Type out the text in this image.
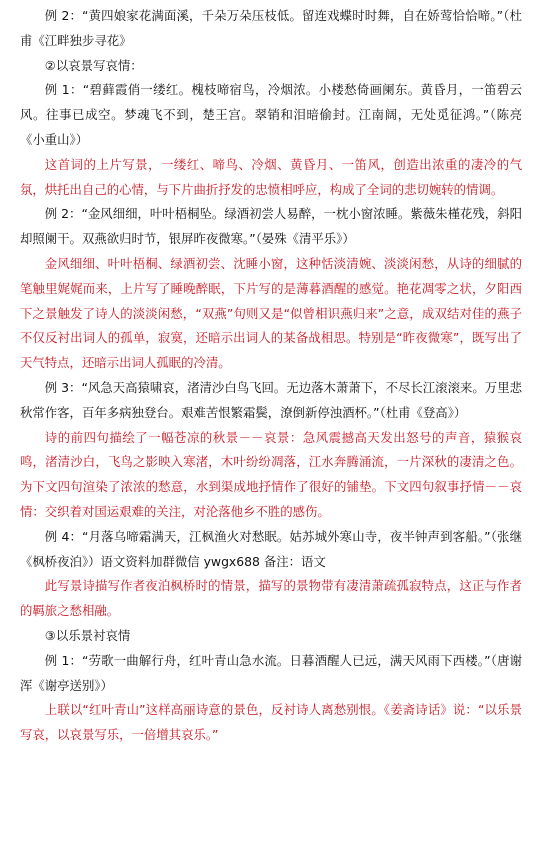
例 2：“黄四娘家花满面溪，千朵万朵压枝低。留连戏蝶时时舞，自在娇莺恰恰啼。”（杜甫《江畔独步寻花》

②以哀景写哀情：

例 1：“碧藓霞俏一缕红。槐枝啼宿鸟，冷烟浓。小楼愁倚画阑东。黄昏月，一笛碧云风。往事已成空。梦魂飞不到，楚王宫。翠销和泪暗偷封。江南阔，无处觅征鸿。”（陈亮《小重山》）

这首词的上片写景，一缕红、啼鸟、冷烟、黄昏月、一笛风，创造出浓重的凄冷的气氛，烘托出自己的心情，与下片曲折抒发的忠愤相呼应，构成了全词的悲切婉转的情调。

例 2：“金风细细，叶叶梧桐坠。绿酒初尝人易醉，一枕小窗浓睡。紫薇朱槿花残，斜阳却照阑干。双燕欲归时节，银屏昨夜微寒。”（晏殊《清平乐》）

金风细细、叶叶梧桐、绿酒初尝、沈睡小窗，这种恬淡清婉、淡淡闲愁，从诗的细腻的笔触里娓娓而来，上片写了睡晚醉眠，下片写的是薄暮酒醒的感觉。艳花凋零之状，夕阳西下之景触发了诗人的淡淡闲愁，“双燕”句则又是“似曾相识燕归来”之意，成双结对佳的燕子不仅反衬出词人的孤单，寂寞，还暗示出词人的某备战相思。特别是“昨夜微寒”，既写出了天气特点，还暗示出词人孤眠的冷清。

例 3：“风急天高猿啸哀，渚清沙白鸟飞回。无边落木萧萧下，不尽长江滚滚来。万里悲秋常作客，百年多病独登台。艰难苦恨繁霜鬓，潦倒新停浊酒杯。”（杜甫《登高》）

诗的前四句描绘了一幅苍凉的秋景－－哀景：急风震撼高天发出怒号的声音，猿猴哀鸣，渚清沙白，飞鸟之影映入寒渚，木叶纷纷凋落，江水奔腾涌流，一片深秋的凄清之色。为下文四句渲染了浓浓的愁意，水到渠成地抒情作了很好的铺垫。下文四句叙事抒情－－哀情：交织着对国运艰难的关注，对沦落他乡不胜的感伤。

例 4：“月落乌啼霜满天，江枫渔火对愁眠。姑苏城外寒山寺，夜半钟声到客船。”（张继《枫桥夜泊》）语文资料加群微信 ywgx688 备注：语文

此写景诗描写作者夜泊枫桥时的情景，描写的景物带有凄清萧疏孤寂特点，这正与作者的羁旅之愁相融。

③以乐景衬哀情

例 1：“劳歌一曲解行舟，红叶青山急水流。日暮酒醒人已远，满天风雨下西楼。”（唐谢浑《谢亭送别》）

上联以“红叶青山”这样高丽诗意的景色，反衬诗人离愁别恨。《姜斋诗话》说：“以乐景写哀，以哀景写乐，一倍增其哀乐。”
